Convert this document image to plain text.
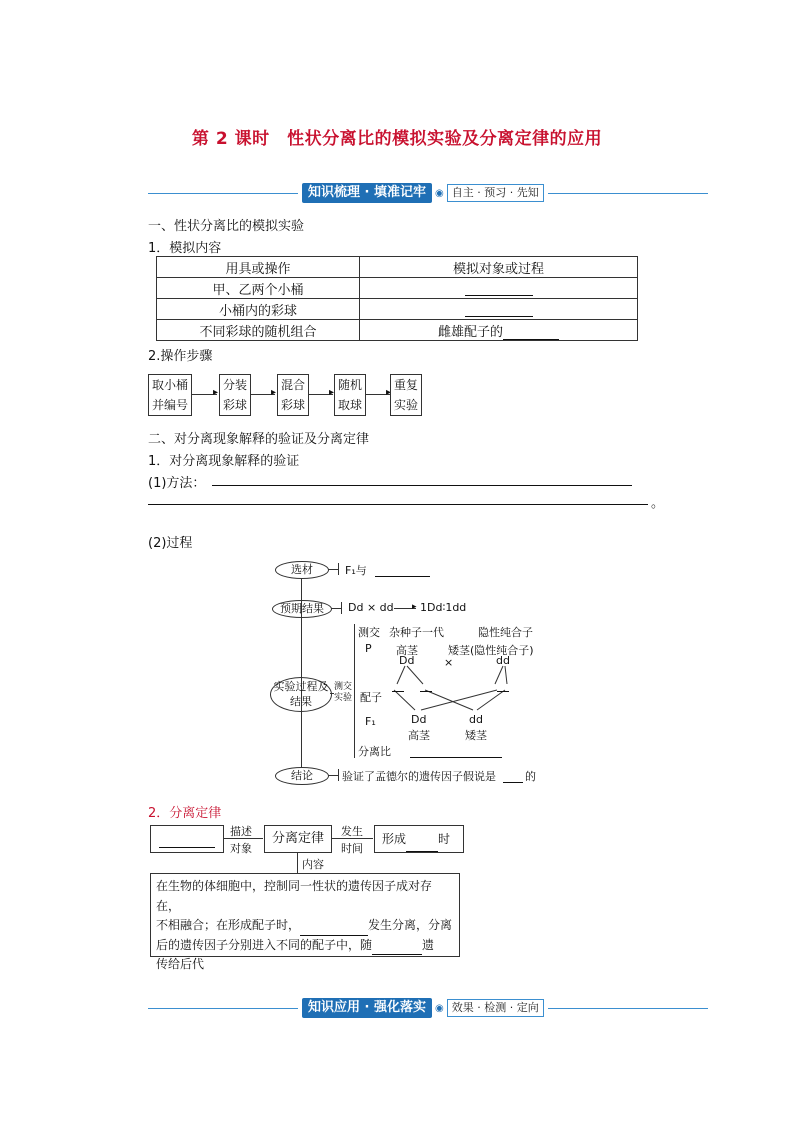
第 2 课时　性状分离比的模拟实验及分离定律的应用
知识梳理 · 填准记牢 ◉ 自主 · 预习 · 先知
一、性状分离比的模拟实验
1．模拟内容
用具或操作	模拟对象或过程
甲、乙两个小桶	
小桶内的彩球	
不同彩球的随机组合	雌雄配子的
2.操作步骤
取小桶
并编号
▸
分装
彩球
▸
混合
彩球
▸
随机
取球
▸
重复
实验
二、对分离现象解释的验证及分离定律
1．对分离现象解释的验证
(1)方法：
。
(2)过程
选材	F₁与
预期结果	Dd × dd ▸ 1Dd∶1dd
实验过程及结果
测交实验
测交 杂种子一代	隐性纯合子
P 高茎	矮茎(隐性纯合子)
Dd	×	dd
配子
F₁	Dd	dd
高茎	矮茎
分离比
结论	验证了孟德尔的遗传因子假说是	的
2．分离定律
描述
对象
分离定律	发生
时间
形成	时
内容
在生物的体细胞中，控制同一性状的遗传因子成对存在，
不相融合；在形成配子时，	发生分离，分离
后的遗传因子分别进入不同的配子中，随	遗
传给后代
知识应用 · 强化落实 ◉ 效果 · 检测 · 定向
